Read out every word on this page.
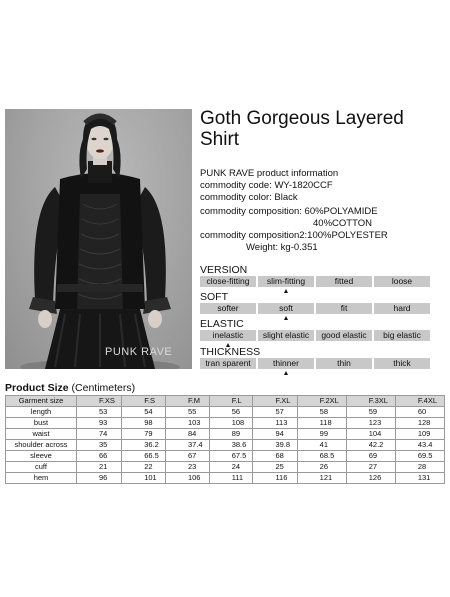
PUNK RAVE
Goth Gorgeous Layered Shirt
PUNK RAVE product information
commodity code: WY-1820CCF
commodity color: Black
commodity composition: 60%POLYAMIDE
40%COTTON
commodity composition2:100%POLYESTER
Weight: kg-0.351
VERSION
close-fitting	slim-fitting	fitted	loose
SOFT
softer	soft	fit	hard
ELASTIC
inelastic	slight elastic	good elastic	big elastic
THICKNESS
tran sparent	thinner	thin	thick
Product Size (Centimeters)
Garment size	F.XS	F.S	F.M	F.L	F.XL	F.2XL	F.3XL	F.4XL
length	53	54	55	56	57	58	59	60
bust	93	98	103	108	113	118	123	128
waist	74	79	84	89	94	99	104	109
shoulder across	35	36.2	37.4	38.6	39.8	41	42.2	43.4
sleeve	66	66.5	67	67.5	68	68.5	69	69.5
cuff	21	22	23	24	25	26	27	28
hem	96	101	106	111	116	121	126	131
